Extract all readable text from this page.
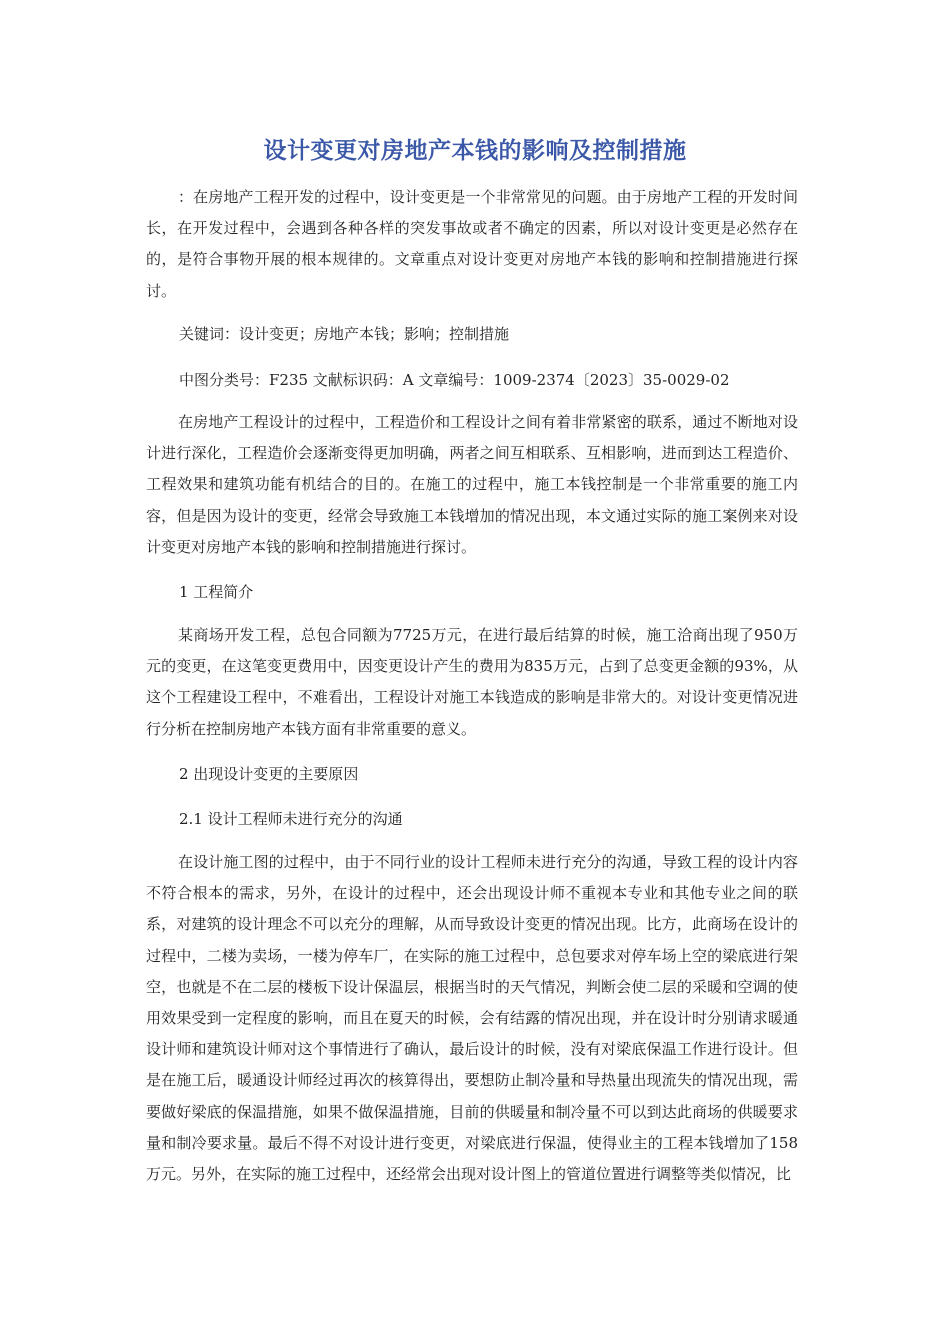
设计变更对房地产本钱的影响及控制措施

：在房地产工程开发的过程中，设计变更是一个非常常见的问题。由于房地产工程的开发时间长，在开发过程中，会遇到各种各样的突发事故或者不确定的因素，所以对设计变更是必然存在的，是符合事物开展的根本规律的。文章重点对设计变更对房地产本钱的影响和控制措施进行探讨。

关键词：设计变更；房地产本钱；影响；控制措施

中图分类号：F235 文献标识码：A 文章编号：1009-2374〔2023〕35-0029-02

在房地产工程设计的过程中，工程造价和工程设计之间有着非常紧密的联系，通过不断地对设计进行深化，工程造价会逐渐变得更加明确，两者之间互相联系、互相影响，进而到达工程造价、工程效果和建筑功能有机结合的目的。在施工的过程中，施工本钱控制是一个非常重要的施工内容，但是因为设计的变更，经常会导致施工本钱增加的情况出现，本文通过实际的施工案例来对设计变更对房地产本钱的影响和控制措施进行探讨。

1 工程简介

某商场开发工程，总包合同额为7725万元，在进行最后结算的时候，施工洽商出现了950万元的变更，在这笔变更费用中，因变更设计产生的费用为835万元，占到了总变更金额的93%，从这个工程建设工程中，不难看出，工程设计对施工本钱造成的影响是非常大的。对设计变更情况进行分析在控制房地产本钱方面有非常重要的意义。

2 出现设计变更的主要原因

2.1 设计工程师未进行充分的沟通

在设计施工图的过程中，由于不同行业的设计工程师未进行充分的沟通，导致工程的设计内容不符合根本的需求，另外，在设计的过程中，还会出现设计师不重视本专业和其他专业之间的联系，对建筑的设计理念不可以充分的理解，从而导致设计变更的情况出现。比方，此商场在设计的过程中，二楼为卖场，一楼为停车厂，在实际的施工过程中，总包要求对停车场上空的梁底进行架空，也就是不在二层的楼板下设计保温层，根据当时的天气情况，判断会使二层的采暖和空调的使用效果受到一定程度的影响，而且在夏天的时候，会有结露的情况出现，并在设计时分别请求暖通设计师和建筑设计师对这个事情进行了确认，最后设计的时候，没有对梁底保温工作进行设计。但是在施工后，暖通设计师经过再次的核算得出，要想防止制冷量和导热量出现流失的情况出现，需要做好梁底的保温措施，如果不做保温措施，目前的供暖量和制冷量不可以到达此商场的供暖要求量和制冷要求量。最后不得不对设计进行变更，对梁底进行保温，使得业主的工程本钱增加了158万元。另外，在实际的施工过程中，还经常会出现对设计图上的管道位置进行调整等类似情况，比
